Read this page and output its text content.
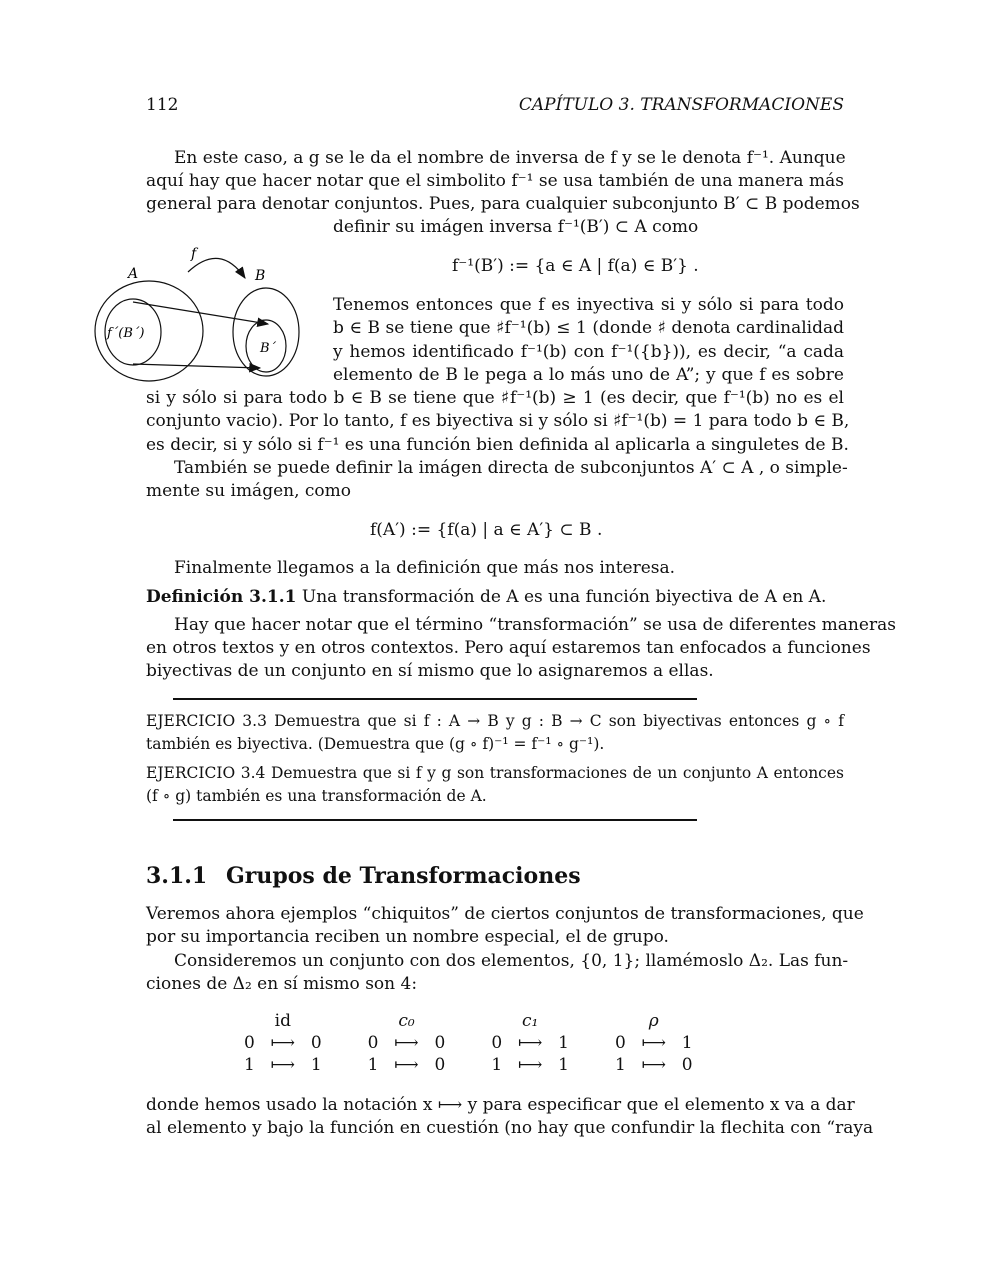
112	CAPÍTULO 3. TRANSFORMACIONES
En este caso, a g se le da el nombre de inversa de f y se le denota f⁻¹. Aunque
aquí hay que hacer notar que el simbolito f⁻¹ se usa también de una manera más
general para denotar conjuntos. Pues, para cualquier subconjunto B′ ⊂ B podemos
definir su imágen inversa f⁻¹(B′) ⊂ A como
f⁻¹(B′) := {a ∈ A | f(a) ∈ B′} .
A	B
f
f´(B´)
B´
Tenemos entonces que f es inyectiva si y sólo si para todo
b ∈ B se tiene que ♯f⁻¹(b) ≤ 1 (donde ♯ denota cardinalidad
y hemos identificado f⁻¹(b) con f⁻¹({b})), es decir, “a cada
elemento de B le pega a lo más uno de A”; y que f es sobre
si y sólo si para todo b ∈ B se tiene que ♯f⁻¹(b) ≥ 1 (es decir, que f⁻¹(b) no es el
conjunto vacio). Por lo tanto, f es biyectiva si y sólo si ♯f⁻¹(b) = 1 para todo b ∈ B,
es decir, si y sólo si f⁻¹ es una función bien definida al aplicarla a singuletes de B.
También se puede definir la imágen directa de subconjuntos A′ ⊂ A , o simple-
mente su imágen, como
f(A′) := {f(a) | a ∈ A′} ⊂ B .
Finalmente llegamos a la definición que más nos interesa.
Definición 3.1.1 Una transformación de A es una función biyectiva de A en A.
Hay que hacer notar que el término “transformación” se usa de diferentes maneras
en otros textos y en otros contextos. Pero aquí estaremos tan enfocados a funciones
biyectivas de un conjunto en sí mismo que lo asignaremos a ellas.
EJERCICIO 3.3 Demuestra que si f : A → B y g : B → C son biyectivas entonces g ∘ f
también es biyectiva. (Demuestra que (g ∘ f)⁻¹ = f⁻¹ ∘ g⁻¹).
EJERCICIO 3.4 Demuestra que si f y g son transformaciones de un conjunto A entonces
(f ∘ g) también es una transformación de A.
3.1.1 Grupos de Transformaciones
Veremos ahora ejemplos “chiquitos” de ciertos conjuntos de transformaciones, que
por su importancia reciben un nombre especial, el de grupo.
Consideremos un conjunto con dos elementos, {0, 1}; llamémoslo Δ₂. Las fun-
ciones de Δ₂ en sí mismo son 4:
	id				c₀				c₁				ρ	
0	⟼	0		0	⟼	0		0	⟼	1		0	⟼	1
1	⟼	1		1	⟼	0		1	⟼	1		1	⟼	0
donde hemos usado la notación x ⟼ y para especificar que el elemento x va a dar
al elemento y bajo la función en cuestión (no hay que confundir la flechita con “raya
